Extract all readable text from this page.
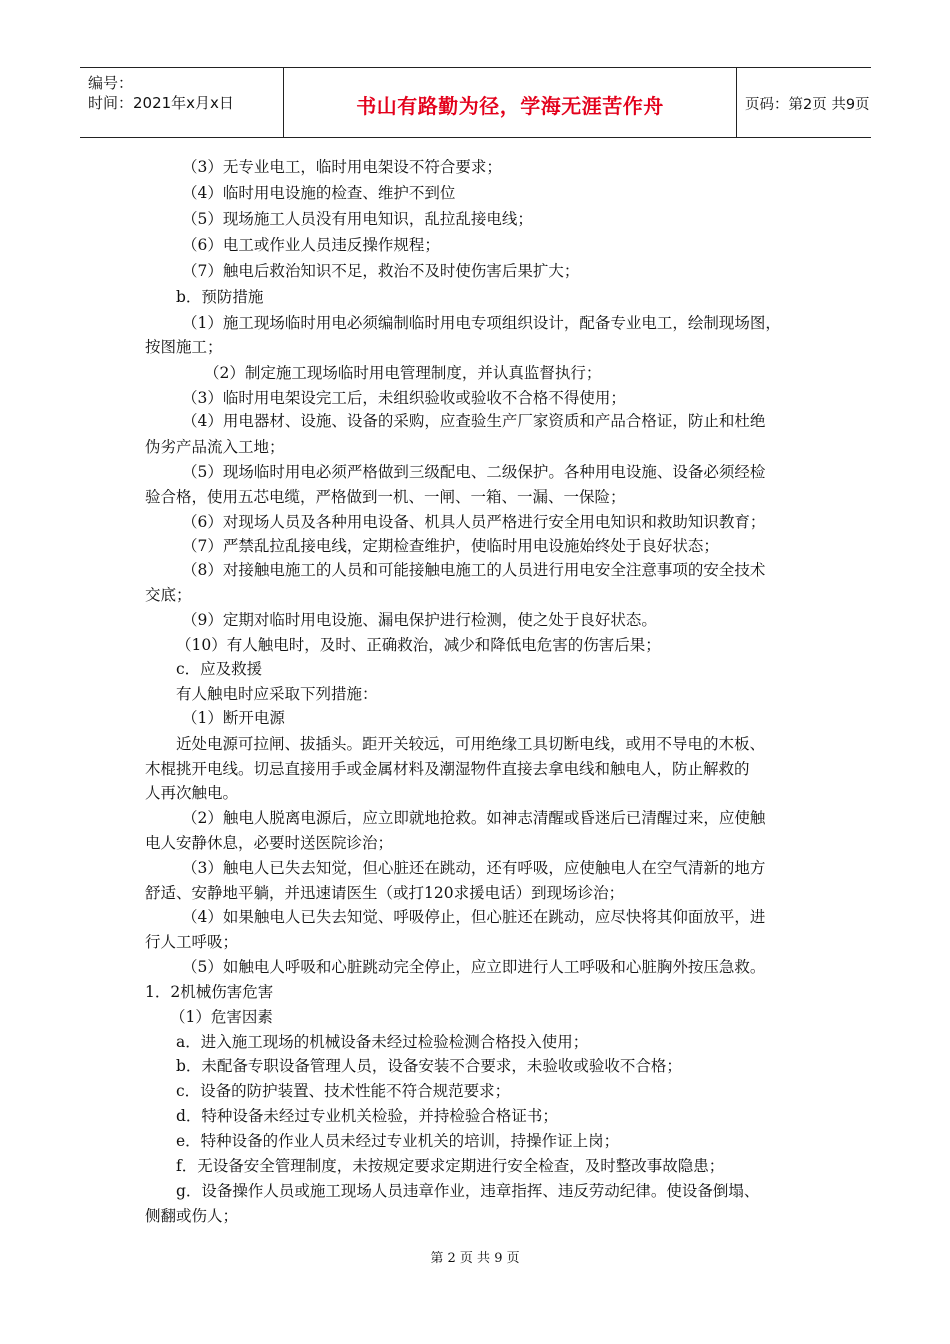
编号：
时间：2021年x月x日	书山有路勤为径，学海无涯苦作舟	页码：第2页 共9页
（3）无专业电工，临时用电架设不符合要求；
（4）临时用电设施的检查、维护不到位
（5）现场施工人员没有用电知识，乱拉乱接电线；
（6）电工或作业人员违反操作规程；
（7）触电后救治知识不足，救治不及时使伤害后果扩大；
b．预防措施
（1）施工现场临时用电必须编制临时用电专项组织设计，配备专业电工，绘制现场图，
按图施工；
（2）制定施工现场临时用电管理制度，并认真监督执行；
（3）临时用电架设完工后，未组织验收或验收不合格不得使用；
（4）用电器材、设施、设备的采购，应查验生产厂家资质和产品合格证，防止和杜绝
伪劣产品流入工地；
（5）现场临时用电必须严格做到三级配电、二级保护。各种用电设施、设备必须经检
验合格，使用五芯电缆，严格做到一机、一闸、一箱、一漏、一保险；
（6）对现场人员及各种用电设备、机具人员严格进行安全用电知识和救助知识教育；
（7）严禁乱拉乱接电线，定期检查维护，使临时用电设施始终处于良好状态；
（8）对接触电施工的人员和可能接触电施工的人员进行用电安全注意事项的安全技术
交底；
（9）定期对临时用电设施、漏电保护进行检测，使之处于良好状态。
（10）有人触电时，及时、正确救治，减少和降低电危害的伤害后果；
c．应及救援
有人触电时应采取下列措施：
（1）断开电源
近处电源可拉闸、拔插头。距开关较远，可用绝缘工具切断电线，或用不导电的木板、
木棍挑开电线。切忌直接用手或金属材料及潮湿物件直接去拿电线和触电人，防止解救的
人再次触电。
（2）触电人脱离电源后，应立即就地抢救。如神志清醒或昏迷后已清醒过来，应使触
电人安静休息，必要时送医院诊治；
（3）触电人已失去知觉，但心脏还在跳动，还有呼吸，应使触电人在空气清新的地方
舒适、安静地平躺，并迅速请医生（或打120求援电话）到现场诊治；
（4）如果触电人已失去知觉、呼吸停止，但心脏还在跳动，应尽快将其仰面放平，进
行人工呼吸；
（5）如触电人呼吸和心脏跳动完全停止，应立即进行人工呼吸和心脏胸外按压急救。
1．2机械伤害危害
（1）危害因素
a．进入施工现场的机械设备未经过检验检测合格投入使用；
b．未配备专职设备管理人员，设备安装不合要求，未验收或验收不合格；
c．设备的防护装置、技术性能不符合规范要求；
d．特种设备未经过专业机关检验，并持检验合格证书；
e．特种设备的作业人员未经过专业机关的培训，持操作证上岗；
f．无设备安全管理制度，未按规定要求定期进行安全检查，及时整改事故隐患；
g．设备操作人员或施工现场人员违章作业，违章指挥、违反劳动纪律。使设备倒塌、
侧翻或伤人；
第 2 页 共 9 页
